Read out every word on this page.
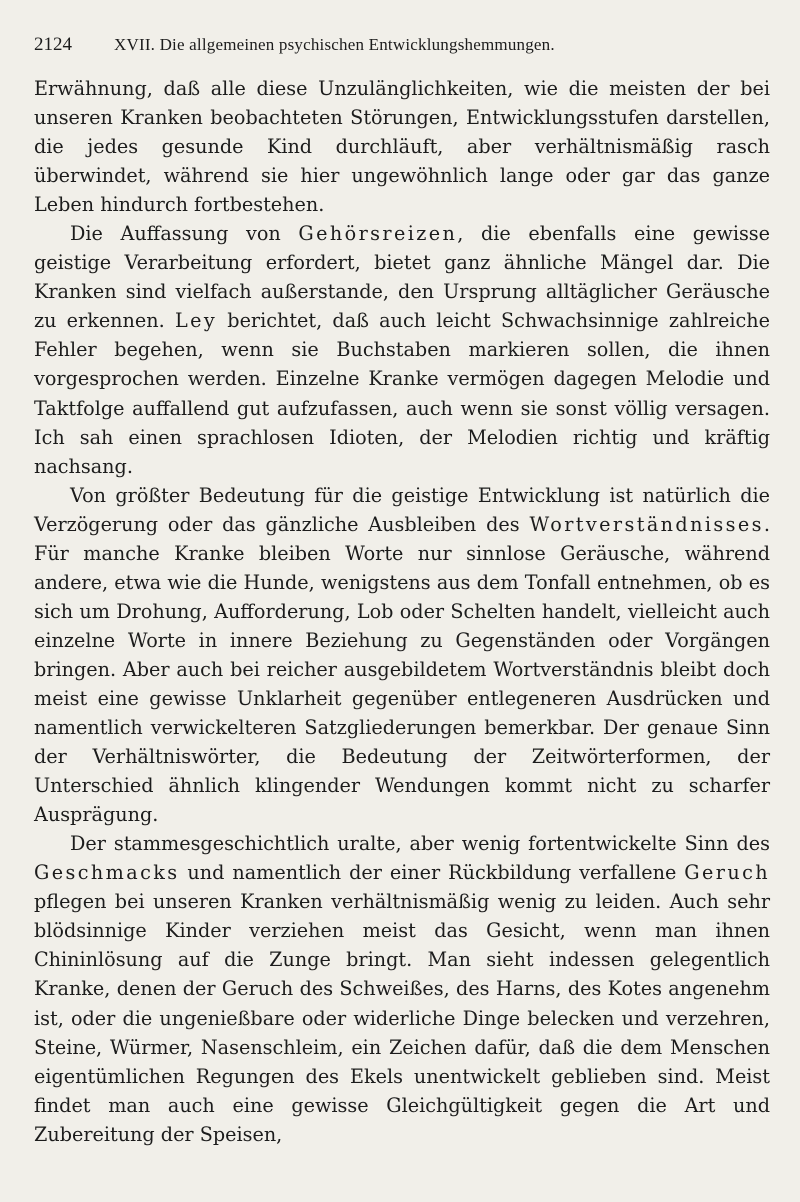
2124	XVII. Die allgemeinen psychischen Entwicklungshemmungen.

Erwähnung, daß alle diese Unzulänglichkeiten, wie die meisten der bei unseren Kranken beobachteten Störungen, Entwicklungsstufen darstellen, die jedes gesunde Kind durchläuft, aber verhältnismäßig rasch überwindet, während sie hier ungewöhnlich lange oder gar das ganze Leben hindurch fortbestehen.

Die Auffassung von Gehörsreizen, die ebenfalls eine gewisse geistige Verarbeitung erfordert, bietet ganz ähnliche Mängel dar. Die Kranken sind vielfach außerstande, den Ursprung alltäglicher Geräusche zu erkennen. Ley berichtet, daß auch leicht Schwachsinnige zahlreiche Fehler begehen, wenn sie Buchstaben markieren sollen, die ihnen vorgesprochen werden. Einzelne Kranke vermögen dagegen Melodie und Taktfolge auffallend gut aufzufassen, auch wenn sie sonst völlig versagen. Ich sah einen sprachlosen Idioten, der Melodien richtig und kräftig nachsang.

Von größter Bedeutung für die geistige Entwicklung ist natürlich die Verzögerung oder das gänzliche Ausbleiben des Wortverständnisses. Für manche Kranke bleiben Worte nur sinnlose Geräusche, während andere, etwa wie die Hunde, wenigstens aus dem Tonfall entnehmen, ob es sich um Drohung, Aufforderung, Lob oder Schelten handelt, vielleicht auch einzelne Worte in innere Beziehung zu Gegenständen oder Vorgängen bringen. Aber auch bei reicher ausgebildetem Wortverständnis bleibt doch meist eine gewisse Unklarheit gegenüber entlegeneren Ausdrücken und namentlich verwickelteren Satzgliederungen bemerkbar. Der genaue Sinn der Verhältniswörter, die Bedeutung der Zeitwörterformen, der Unterschied ähnlich klingender Wendungen kommt nicht zu scharfer Ausprägung.

Der stammesgeschichtlich uralte, aber wenig fortentwickelte Sinn des Geschmacks und namentlich der einer Rückbildung verfallene Geruch pflegen bei unseren Kranken verhältnismäßig wenig zu leiden. Auch sehr blödsinnige Kinder verziehen meist das Gesicht, wenn man ihnen Chininlösung auf die Zunge bringt. Man sieht indessen gelegentlich Kranke, denen der Geruch des Schweißes, des Harns, des Kotes angenehm ist, oder die ungenießbare oder widerliche Dinge belecken und verzehren, Steine, Würmer, Nasenschleim, ein Zeichen dafür, daß die dem Menschen eigentümlichen Regungen des Ekels unentwickelt geblieben sind. Meist findet man auch eine gewisse Gleichgültigkeit gegen die Art und Zubereitung der Speisen,
